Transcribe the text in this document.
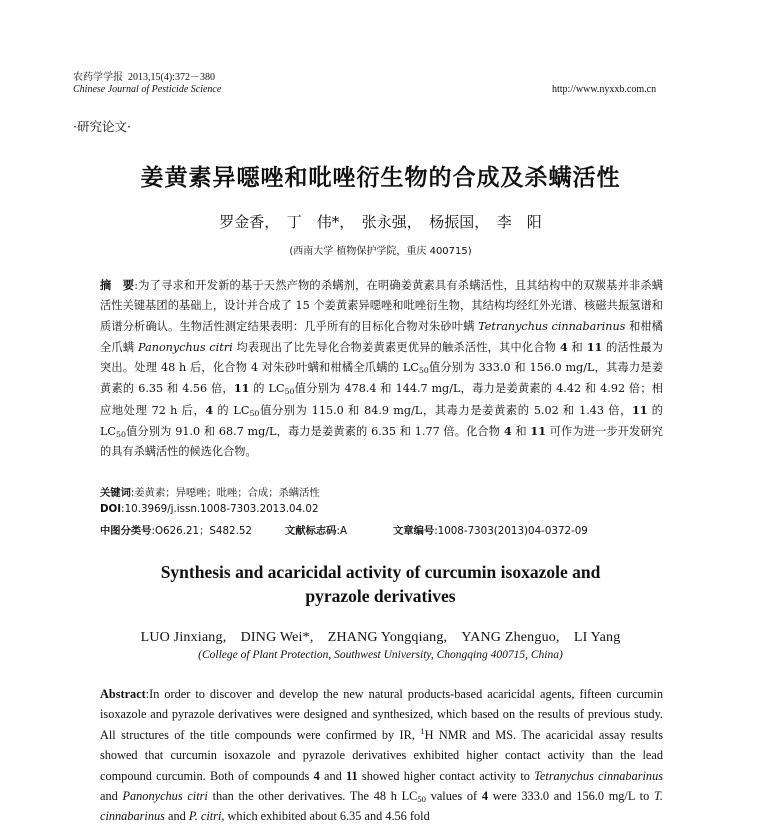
农药学学报 2013,15(4):372－380
Chinese Journal of Pesticide Science	http://www.nyxxb.com.cn
·研究论文·
姜黄素异噁唑和吡唑衍生物的合成及杀螨活性
罗金香，　丁　伟*，　张永强，　杨振国，　李　阳
(西南大学 植物保护学院，重庆 400715)
摘　要:为了寻求和开发新的基于天然产物的杀螨剂，在明确姜黄素具有杀螨活性，且其结构中的双羰基并非杀螨活性关键基团的基础上，设计并合成了 15 个姜黄素异噁唑和吡唑衍生物，其结构均经红外光谱、核磁共振氢谱和质谱分析确认。生物活性测定结果表明：几乎所有的目标化合物对朱砂叶螨 Tetranychus cinnabarinus 和柑橘全爪螨 Panonychus citri 均表现出了比先导化合物姜黄素更优异的触杀活性，其中化合物 4 和 11 的活性最为突出。处理 48 h 后，化合物 4 对朱砂叶螨和柑橘全爪螨的 $LC_{50}$值分别为 333.0 和 156.0 mg/L，其毒力是姜黄素的 6.35 和 4.56 倍，11 的 $LC_{50}$值分别为 478.4 和 144.7 mg/L，毒力是姜黄素的 4.42 和 4.92 倍；相应地处理 72 h 后，4 的 $LC_{50}$值分别为 115.0 和 84.9 mg/L，其毒力是姜黄素的 5.02 和 1.43 倍，11 的 $LC_{50}$值分别为 91.0 和 68.7 mg/L，毒力是姜黄素的 6.35 和 1.77 倍。化合物 4 和 11 可作为进一步开发研究的具有杀螨活性的候选化合物。
关键词:姜黄素；异噁唑；吡唑；合成；杀螨活性
DOI:10.3969/j.issn.1008-7303.2013.04.02
中图分类号:O626.21；S482.52	文献标志码:A	文章编号:1008-7303(2013)04-0372-09
Synthesis and acaricidal activity of curcumin isoxazole and
pyrazole derivatives
LUO Jinxiang,　DING Wei*,　ZHANG Yongqiang,　YANG Zhenguo,　LI Yang
(College of Plant Protection, Southwest University, Chongqing 400715, China)
Abstract:In order to discover and develop the new natural products-based acaricidal agents, fifteen curcumin isoxazole and pyrazole derivatives were designed and synthesized, which based on the results of previous study. All structures of the title compounds were confirmed by IR, $^1$H NMR and MS. The acaricidal assay results showed that curcumin isoxazole and pyrazole derivatives exhibited higher contact activity than the lead compound curcumin. Both of compounds 4 and 11 showed higher contact activity to Tetranychus cinnabarinus and Panonychus citri than the other derivatives. The 48 h $LC_{50}$ values of 4 were 333.0 and 156.0 mg/L to T. cinnabarinus and P. citri, which exhibited about 6.35 and 4.56 fold
